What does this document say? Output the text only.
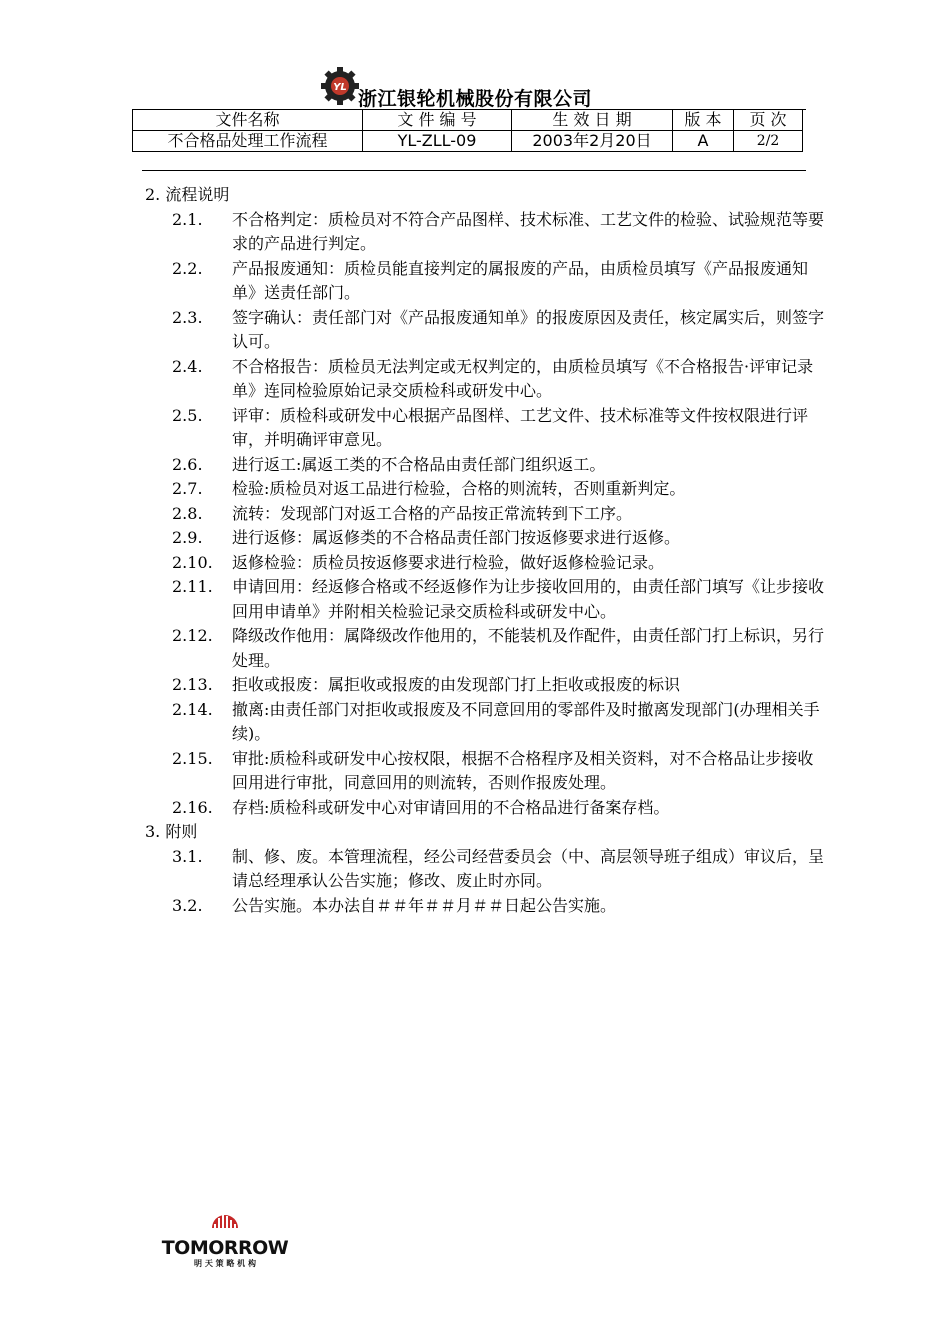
YL
浙江银轮机械股份有限公司
文件名称	文 件 编 号	生 效 日 期	版 本	页 次
不合格品处理工作流程	YL-ZLL-09	2003年2月20日	A	2/2

2. 流程说明

2.1. 不合格判定：质检员对不符合产品图样、技术标准、工艺文件的检验、试验规范等要求的产品进行判定。
2.2. 产品报废通知：质检员能直接判定的属报废的产品，由质检员填写《产品报废通知单》送责任部门。
2.3. 签字确认：责任部门对《产品报废通知单》的报废原因及责任，核定属实后，则签字认可。
2.4. 不合格报告：质检员无法判定或无权判定的，由质检员填写《不合格报告·评审记录单》连同检验原始记录交质检科或研发中心。
2.5. 评审：质检科或研发中心根据产品图样、工艺文件、技术标准等文件按权限进行评审，并明确评审意见。
2.6. 进行返工:属返工类的不合格品由责任部门组织返工。
2.7. 检验:质检员对返工品进行检验，合格的则流转，否则重新判定。
2.8. 流转：发现部门对返工合格的产品按正常流转到下工序。
2.9. 进行返修：属返修类的不合格品责任部门按返修要求进行返修。
2.10. 返修检验：质检员按返修要求进行检验，做好返修检验记录。
2.11. 申请回用：经返修合格或不经返修作为让步接收回用的，由责任部门填写《让步接收回用申请单》并附相关检验记录交质检科或研发中心。
2.12. 降级改作他用：属降级改作他用的，不能装机及作配件，由责任部门打上标识，另行处理。
2.13. 拒收或报废：属拒收或报废的由发现部门打上拒收或报废的标识
2.14. 撤离:由责任部门对拒收或报废及不同意回用的零部件及时撤离发现部门(办理相关手续)。
2.15. 审批:质检科或研发中心按权限，根据不合格程序及相关资料，对不合格品让步接收回用进行审批，同意回用的则流转，否则作报废处理。
2.16. 存档:质检科或研发中心对审请回用的不合格品进行备案存档。

3. 附则

3.1. 制、修、废。本管理流程，经公司经营委员会（中、高层领导班子组成）审议后，呈请总经理承认公告实施；修改、废止时亦同。
3.2. 公告实施。本办法自＃＃年＃＃月＃＃日起公告实施。
TOMORROW
明 天 策 略 机 构
